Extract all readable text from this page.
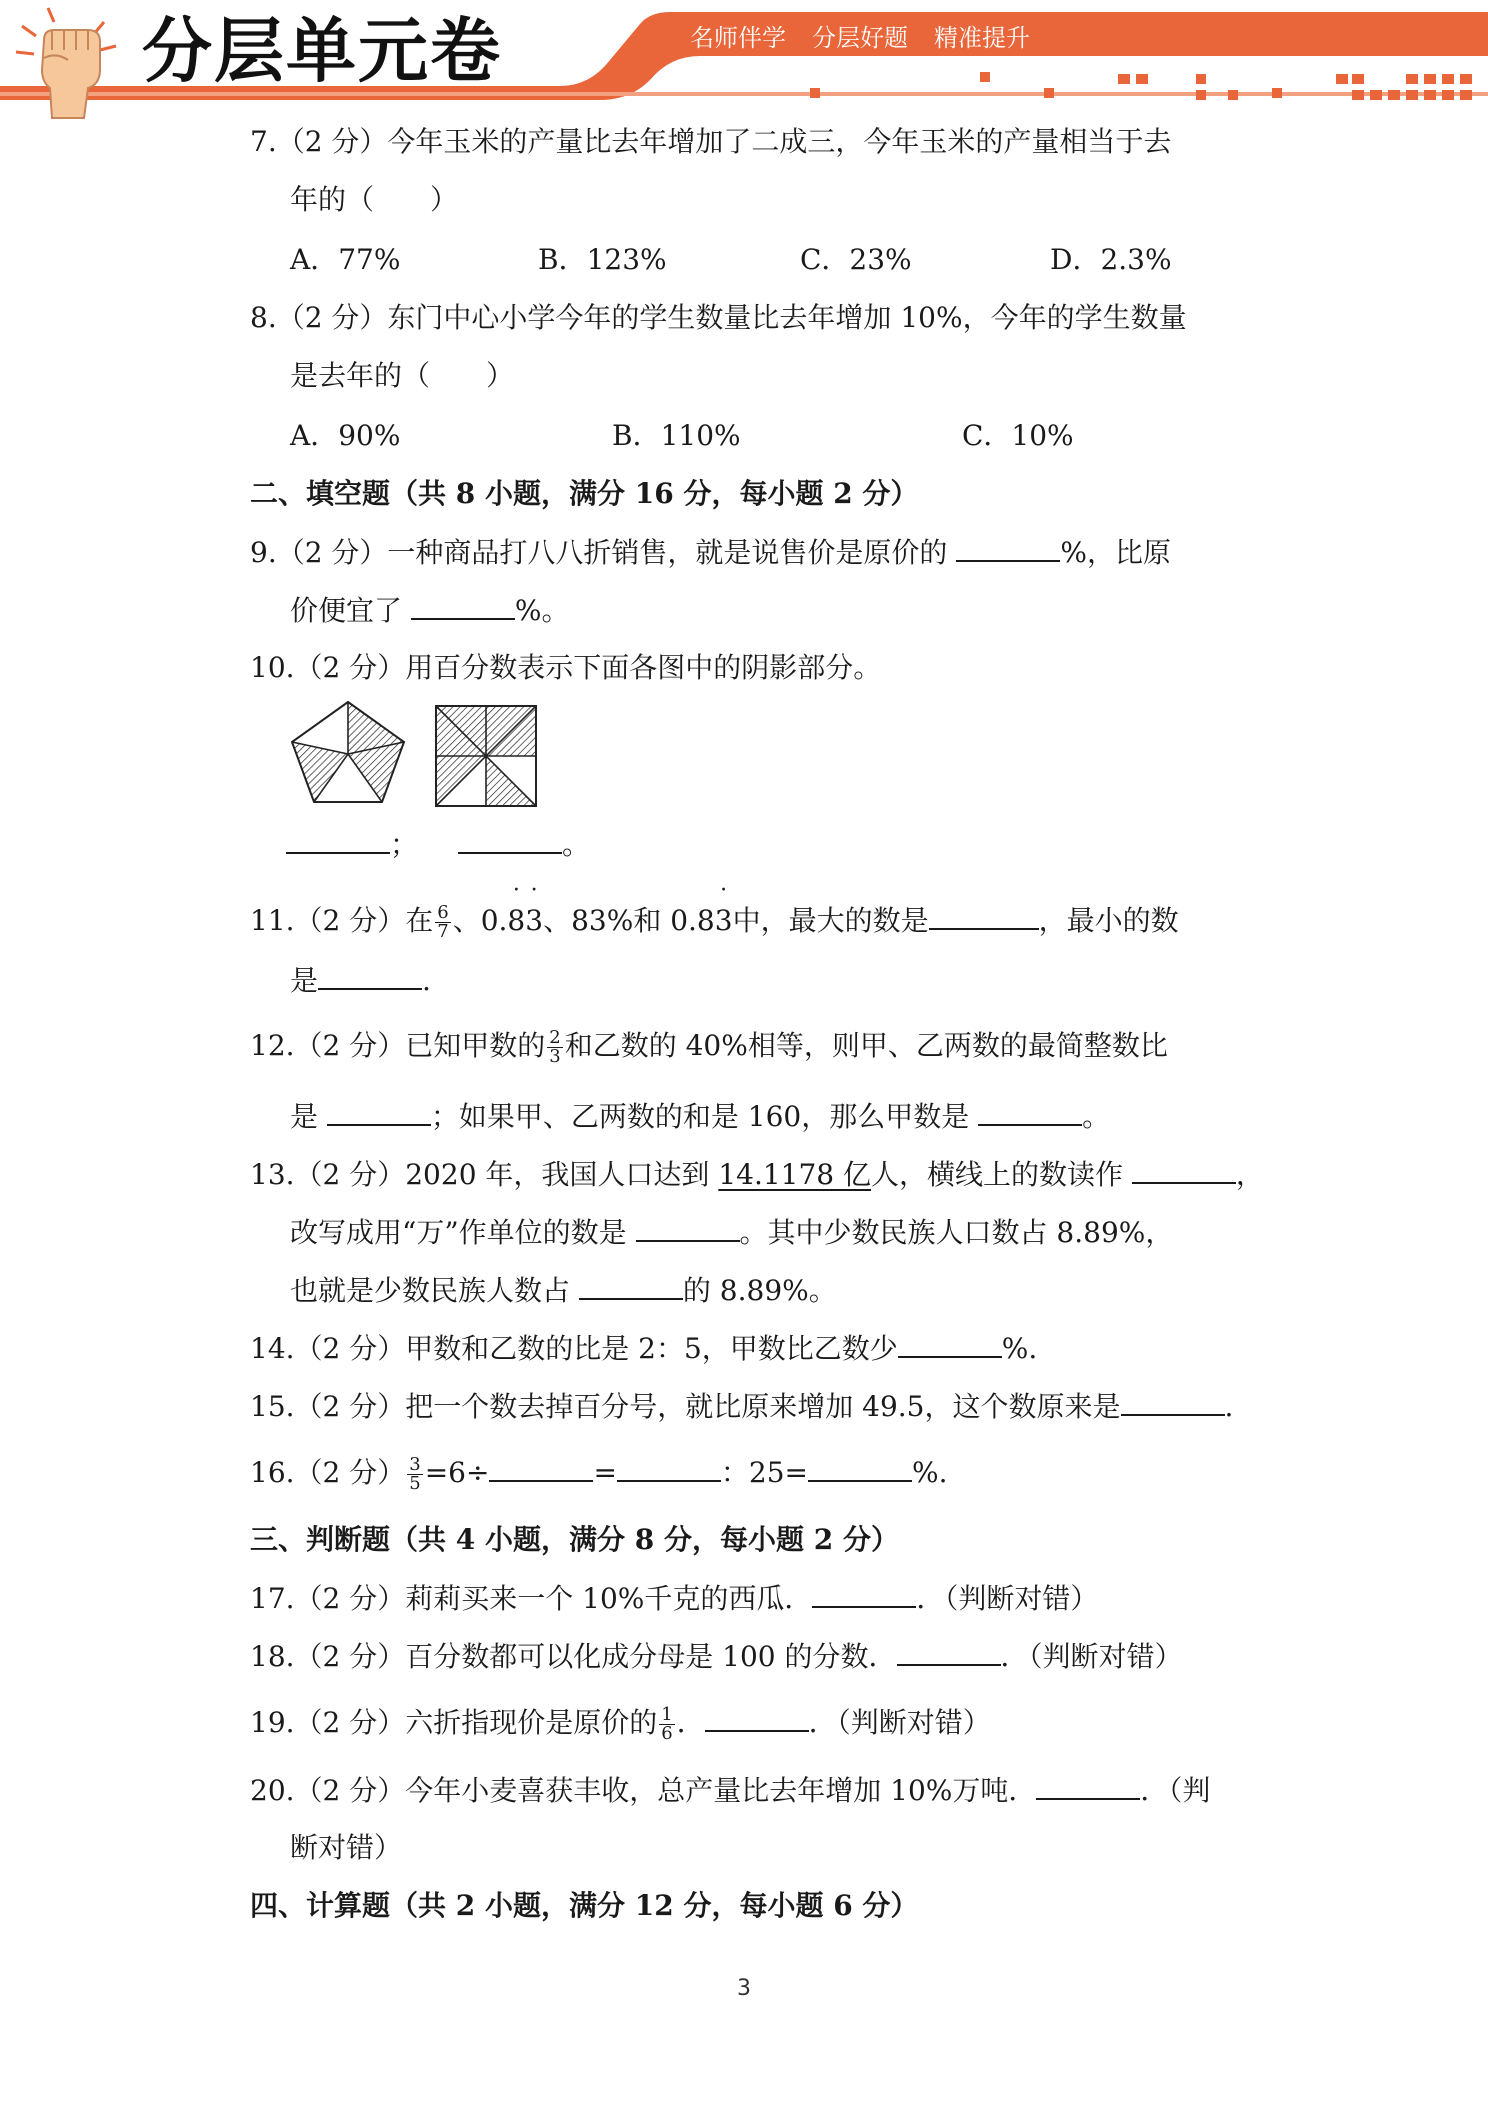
分层单元卷	名师伴学 分层好题 精准提升
7.（2 分）今年玉米的产量比去年增加了二成三，今年玉米的产量相当于去
年的（　　）
A．77%	B．123%	C．23%	D．2.3%
8.（2 分）东门中心小学今年的学生数量比去年增加 10%，今年的学生数量
是去年的（　　）
A．90%	B．110%	C．10%
二、填空题（共 8 小题，满分 16 分，每小题 2 分）
9.（2 分）一种商品打八八折销售，就是说售价是原价的	%，比原
价便宜了	%。
10.（2 分）用百分数表示下面各图中的阴影部分。
；	。
11.（2 分）在 $\frac{6}{7}$ 、0.· 8· 3、83%和 0.8· 3中，最大的数是	，最小的数
是	.
12.（2 分）已知甲数的 $\frac{2}{3}$ 和乙数的 40%相等，则甲、乙两数的最简整数比
是	；如果甲、乙两数的和是 160，那么甲数是	。
13.（2 分）2020 年，我国人口达到 14.1178 亿人，横线上的数读作	，
改写成用“万”作单位的数是	。其中少数民族人口数占 8.89%，
也就是少数民族人数占	的 8.89%。
14.（2 分）甲数和乙数的比是 2：5，甲数比乙数少	%.
15.（2 分）把一个数去掉百分号，就比原来增加 49.5，这个数原来是	.
16.（2 分） $\frac{3}{5} =6\div$	=	：25=	%.
三、判断题（共 4 小题，满分 8 分，每小题 2 分）
17.（2 分）莉莉买来一个 10%千克的西瓜．	．（判断对错）
18.（2 分）百分数都可以化成分母是 100 的分数．	．（判断对错）
19.（2 分）六折指现价是原价的 $\frac{1}{6}$ ．	．（判断对错）
20.（2 分）今年小麦喜获丰收，总产量比去年增加 10%万吨．	．（判
断对错）
四、计算题（共 2 小题，满分 12 分，每小题 6 分）
3
